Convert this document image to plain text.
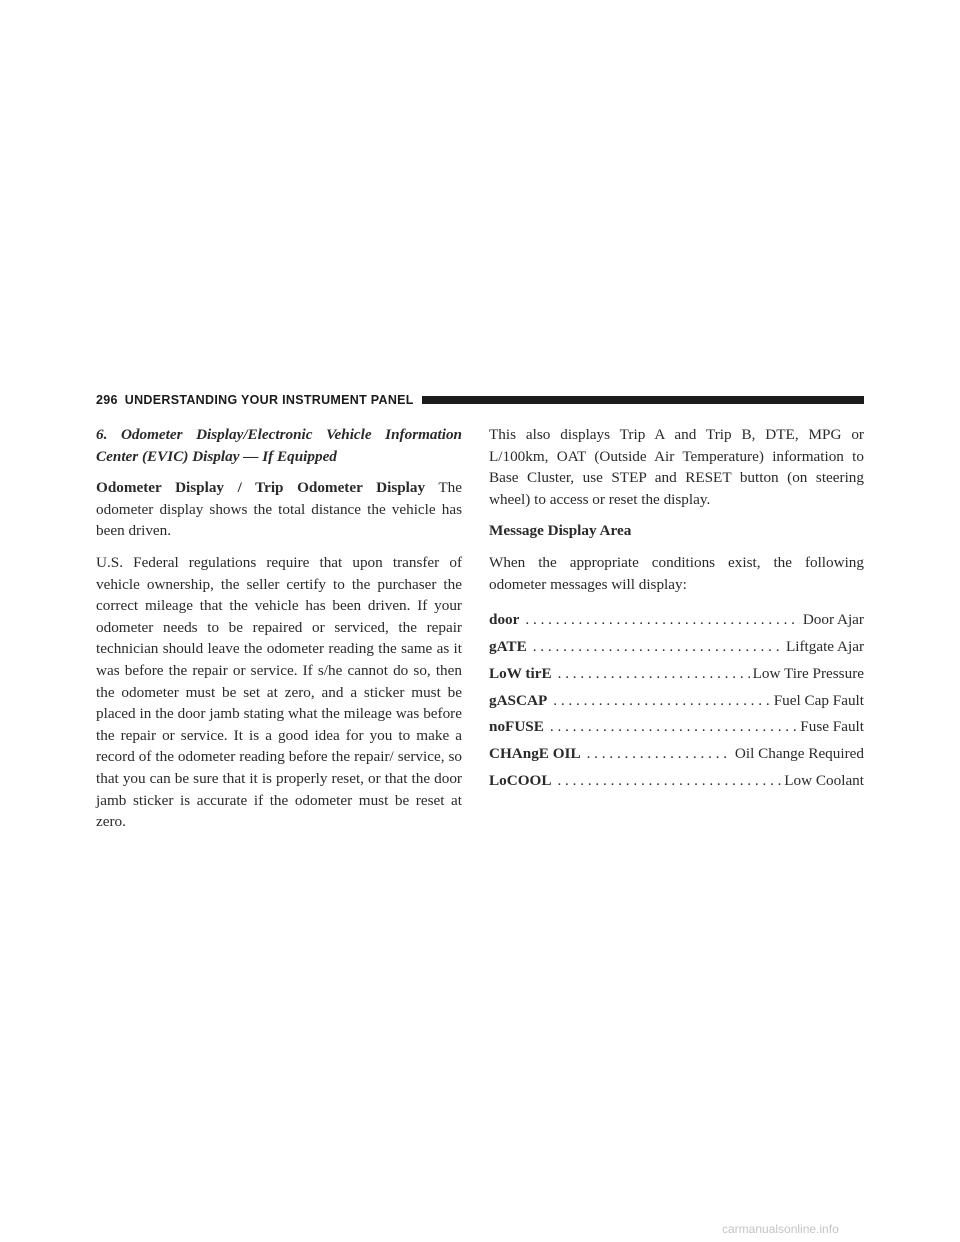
296 UNDERSTANDING YOUR INSTRUMENT PANEL

6. Odometer Display/Electronic Vehicle Information Center (EVIC) Display — If Equipped

Odometer Display / Trip Odometer Display The odometer display shows the total distance the vehicle has been driven.

U.S. Federal regulations require that upon transfer of vehicle ownership, the seller certify to the purchaser the correct mileage that the vehicle has been driven. If your odometer needs to be repaired or serviced, the repair technician should leave the odometer reading the same as it was before the repair or service. If s/he cannot do so, then the odometer must be set at zero, and a sticker must be placed in the door jamb stating what the mileage was before the repair or service. It is a good idea for you to make a record of the odometer reading before the repair/ service, so that you can be sure that it is properly reset, or that the door jamb sticker is accurate if the odometer must be reset at zero.

This also displays Trip A and Trip B, DTE, MPG or L/100km, OAT (Outside Air Temperature) information to Base Cluster, use STEP and RESET button (on steering wheel) to access or reset the display.

Message Display Area

When the appropriate conditions exist, the following odometer messages will display:

door . . .	Door Ajar
gATE . . .	Liftgate Ajar
LoW tirE . . .	Low Tire Pressure
gASCAP . . .	Fuel Cap Fault
noFUSE . . .	Fuse Fault
CHAngE OIL . . .	Oil Change Required
LoCOOL . . .	Low Coolant
carmanualsonline.info
